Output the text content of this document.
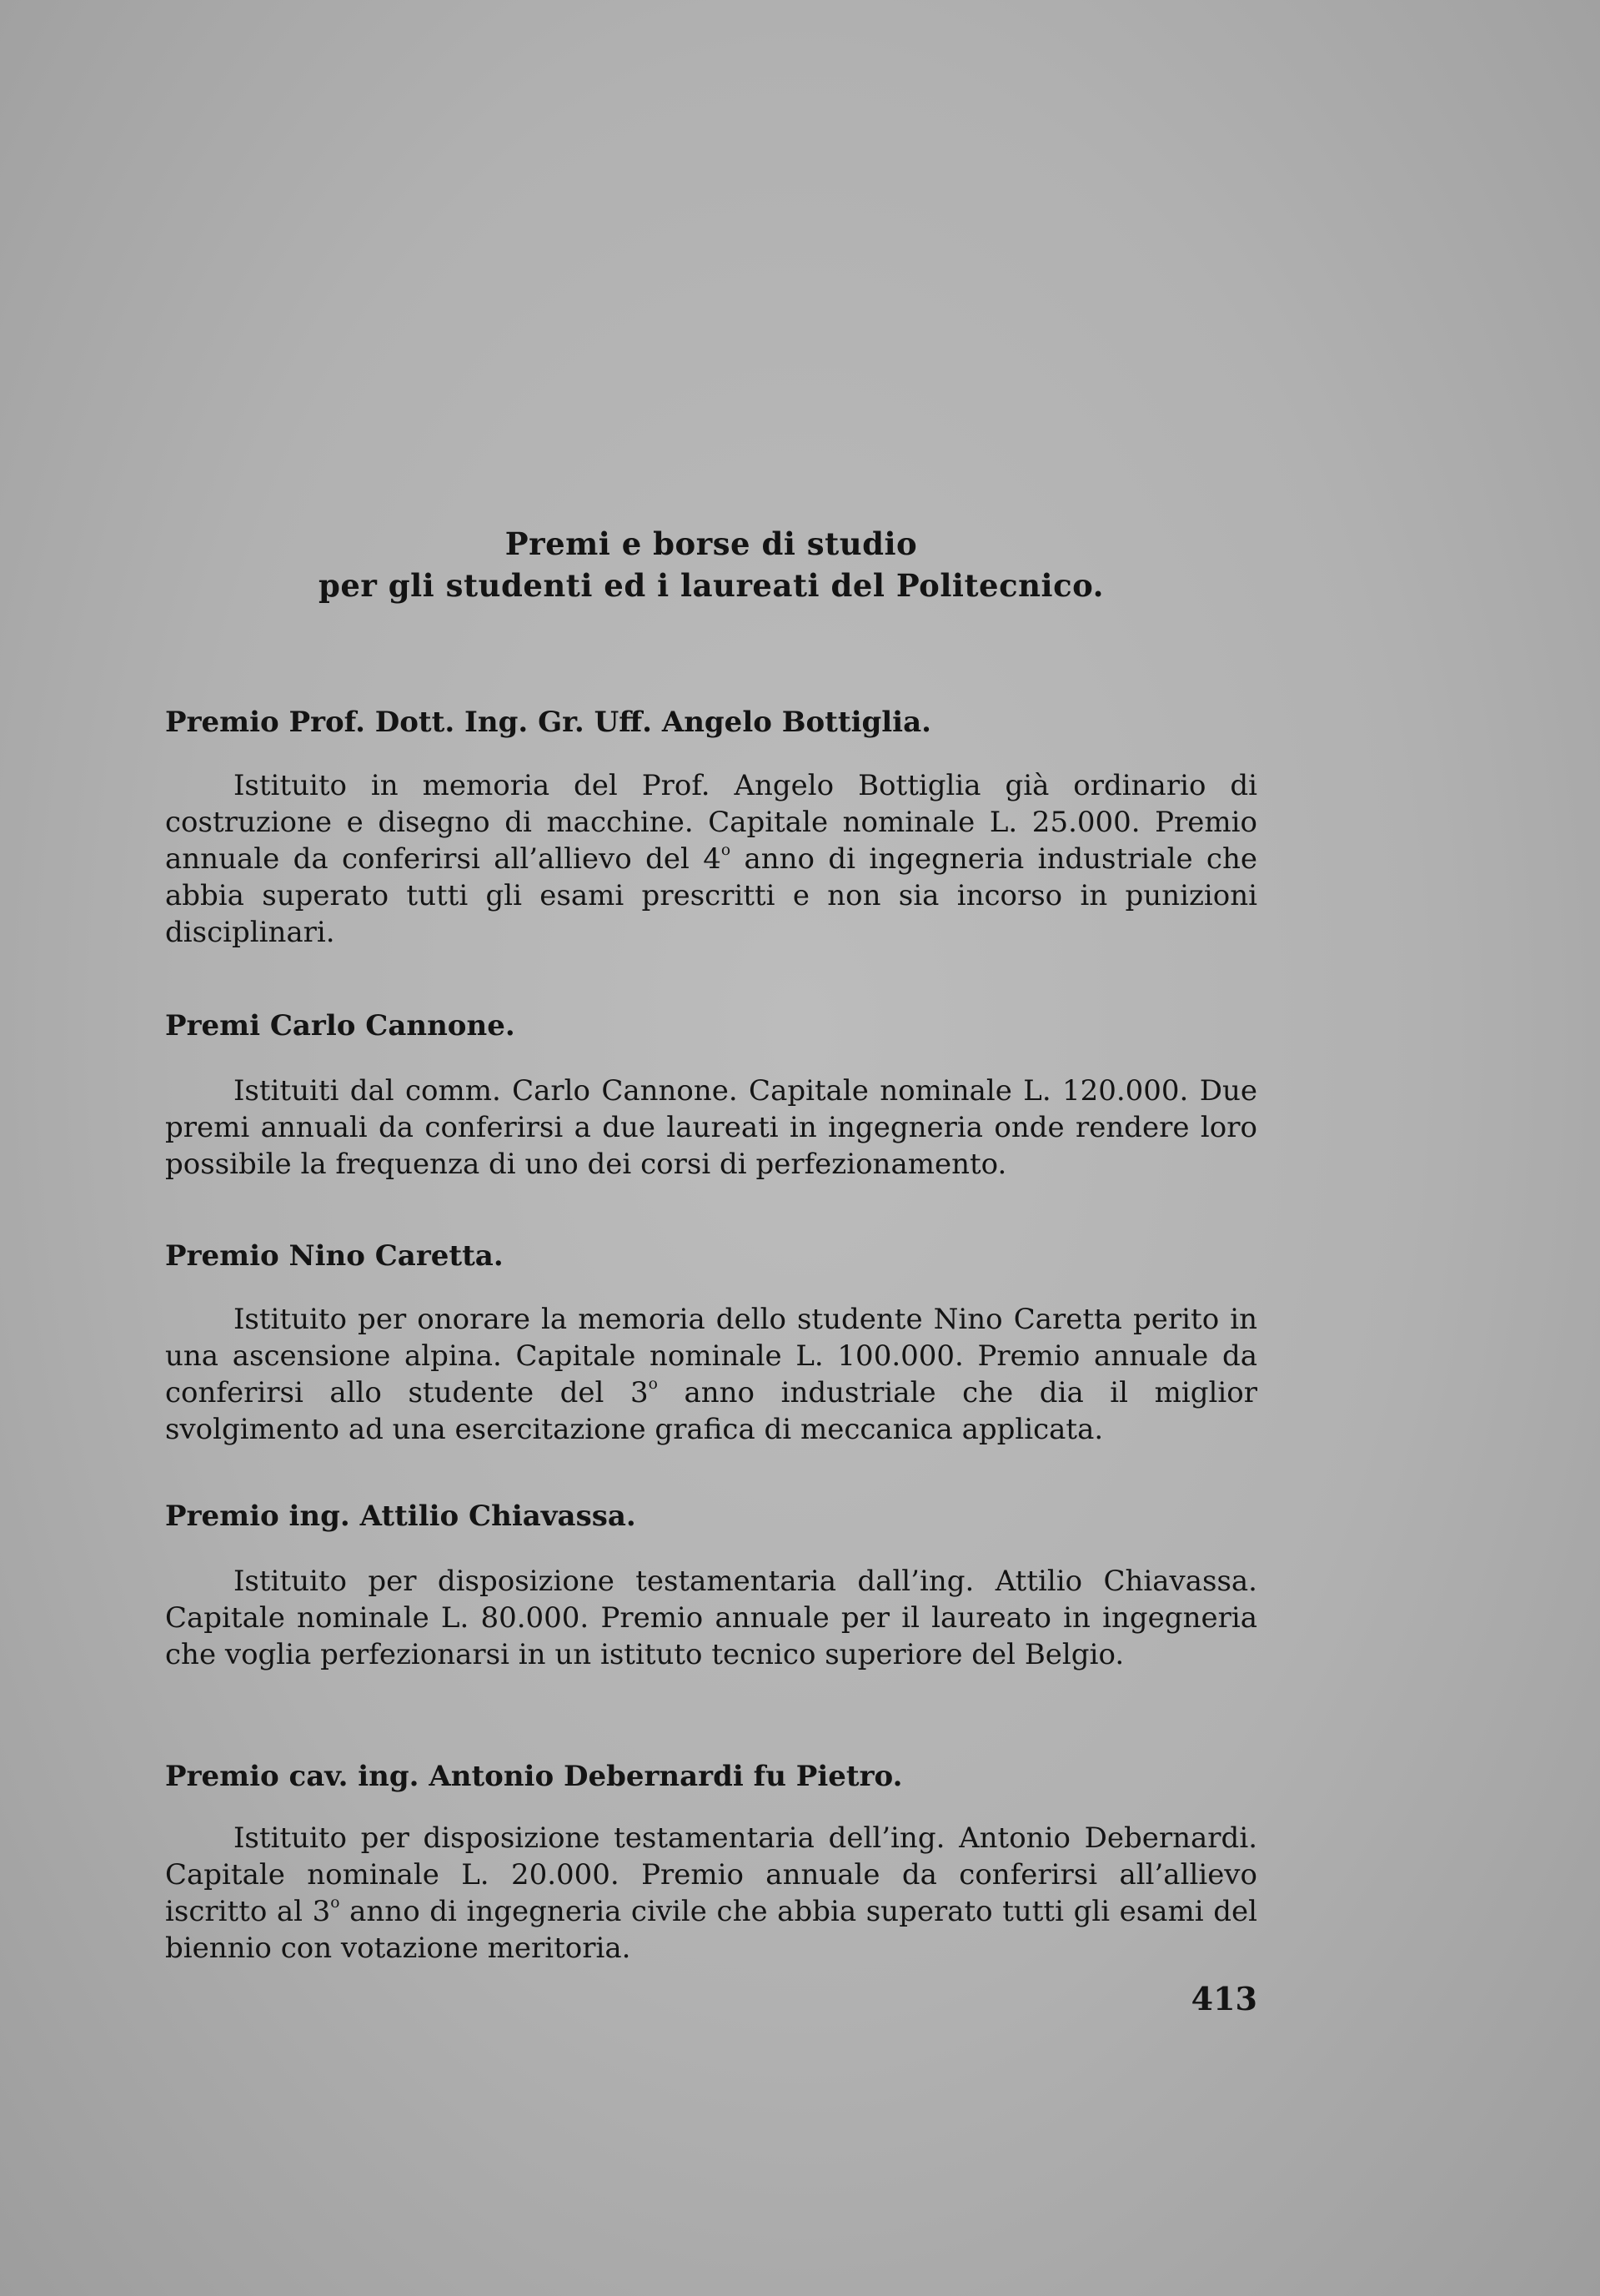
Premi e borse di studio
per gli studenti ed i laureati del Politecnico.
Premio Prof. Dott. Ing. Gr. Uff. Angelo Bottiglia.
Istituito in memoria del Prof. Angelo Bottiglia già ordinario di costruzione e disegno di macchine. Capitale nominale L. 25.000. Premio annuale da conferirsi all’allievo del 4$^o$ anno di ingegneria industriale che abbia superato tutti gli esami prescritti e non sia incorso in punizioni disciplinari.
Premi Carlo Cannone.
Istituiti dal comm. Carlo Cannone. Capitale nominale L. 120.000. Due premi annuali da conferirsi a due laureati in ingegneria onde rendere loro possibile la frequenza di uno dei corsi di perfezionamento.
Premio Nino Caretta.
Istituito per onorare la memoria dello studente Nino Caretta perito in una ascensione alpina. Capitale nominale L. 100.000. Premio annuale da conferirsi allo studente del 3$^o$ anno industriale che dia il miglior svolgimento ad una esercitazione grafica di meccanica applicata.
Premio ing. Attilio Chiavassa.
Istituito per disposizione testamentaria dall’ing. Attilio Chiavassa. Capitale nominale L. 80.000. Premio annuale per il laureato in ingegneria che voglia perfezionarsi in un istituto tecnico superiore del Belgio.
Premio cav. ing. Antonio Debernardi fu Pietro.
Istituito per disposizione testamentaria dell’ing. Antonio Debernardi. Capitale nominale L. 20.000. Premio annuale da conferirsi all’allievo iscritto al 3$^o$ anno di ingegneria civile che abbia superato tutti gli esami del biennio con votazione meritoria.
413
